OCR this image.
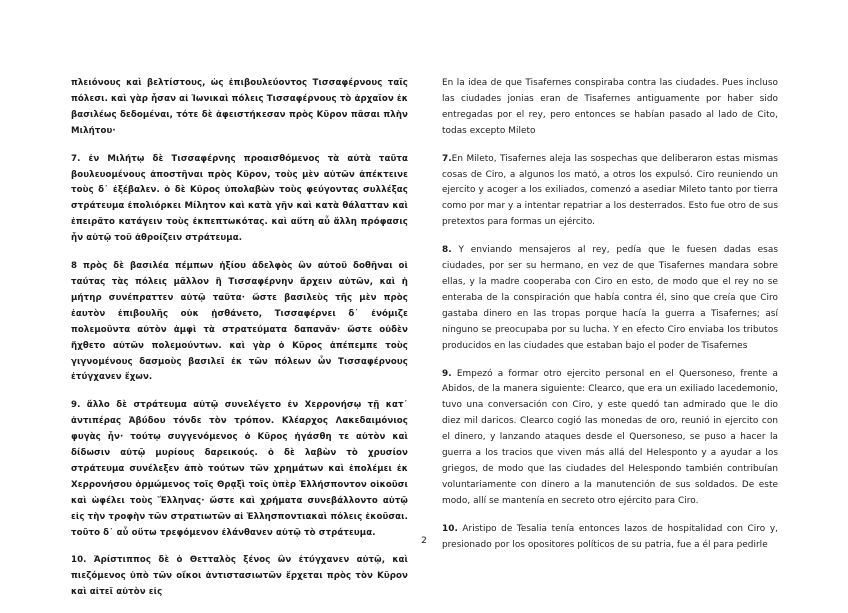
πλειόνους καὶ βελτίστους, ὡς ἐπιβουλεύοντος Τισσαφέρνους ταῖς πόλεσι. καὶ γὰρ ἦσαν αἱ Ἰωνικαὶ πόλεις Τισσαφέρνους τὸ ἀρχαῖον ἐκ βασιλέως δεδομέναι, τότε δὲ ἀφειστήκεσαν πρὸς Κῦρον πᾶσαι πλὴν Μιλήτου·

7. ἐν Μιλήτῳ δὲ Τισσαφέρνης προαισθόμενος τὰ αὐτὰ ταῦτα βουλευομένους ἀποστῆναι πρὸς Κῦρον, τοὺς μὲν αὐτῶν ἀπέκτεινε τοὺς δ᾽ ἐξέβαλεν. ὁ δὲ Κῦρος ὑπολαβὼν τοὺς φεύγοντας συλλέξας στράτευμα ἐπολιόρκει Μίλητον καὶ κατὰ γῆν καὶ κατὰ θάλατταν καὶ ἐπειρᾶτο κατάγειν τοὺς ἐκπεπτωκότας. καὶ αὕτη αὖ ἄλλη πρόφασις ἦν αὐτῷ τοῦ ἀθροίζειν στράτευμα.

8 πρὸς δὲ βασιλέα πέμπων ἠξίου ἀδελφὸς ὢν αὐτοῦ δοθῆναι οἱ ταύτας τὰς πόλεις μᾶλλον ἢ Τισσαφέρνην ἄρχειν αὐτῶν, καὶ ἡ μήτηρ συνέπραττεν αὐτῷ ταῦτα· ὥστε βασιλεὺς τῆς μὲν πρὸς ἑαυτὸν ἐπιβουλῆς οὐκ ᾐσθάνετο, Τισσαφέρνει δ᾽ ἐνόμιζε πολεμοῦντα αὐτὸν ἀμφὶ τὰ στρατεύματα δαπανᾶν· ὥστε οὐδὲν ἤχθετο αὐτῶν πολεμούντων. καὶ γὰρ ὁ Κῦρος ἀπέπεμπε τοὺς γιγνομένους δασμοὺς βασιλεῖ ἐκ τῶν πόλεων ὧν Τισσαφέρνους ἐτύγχανεν ἔχων.

9. ἄλλο δὲ στράτευμα αὐτῷ συνελέγετο ἐν Χερρονήσῳ τῇ κατ᾽ ἀντιπέρας Ἀβύδου τόνδε τὸν τρόπον. Κλέαρχος Λακεδαιμόνιος φυγὰς ἦν· τούτῳ συγγενόμενος ὁ Κῦρος ἠγάσθη τε αὐτὸν καὶ δίδωσιν αὐτῷ μυρίους δαρεικούς. ὁ δὲ λαβὼν τὸ χρυσίον στράτευμα συνέλεξεν ἀπὸ τούτων τῶν χρημάτων καὶ ἐπολέμει ἐκ Χερρονήσου ὁρμώμενος τοῖς Θρᾳξὶ τοῖς ὑπὲρ Ἑλλήσποντον οἰκοῦσι καὶ ὠφέλει τοὺς Ἕλληνας· ὥστε καὶ χρήματα συνεβάλλοντο αὐτῷ εἰς τὴν τροφὴν τῶν στρατιωτῶν αἱ Ἑλλησποντιακαὶ πόλεις ἑκοῦσαι. τοῦτο δ᾽ αὖ οὕτω τρεφόμενον ἐλάνθανεν αὐτῷ τὸ στράτευμα.

10. Ἀρίστιππος δὲ ὁ Θετταλὸς ξένος ὢν ἐτύγχανεν αὐτῷ, καὶ πιεζόμενος ὑπὸ τῶν οἴκοι ἀντιστασιωτῶν ἔρχεται πρὸς τὸν Κῦρον καὶ αἰτεῖ αὐτὸν εἰς

En la idea de que Tisafernes conspiraba contra las ciudades. Pues incluso las ciudades jonias eran de Tisafernes antiguamente por haber sido entregadas por el rey, pero entonces se habían pasado al lado de Cito, todas excepto Mileto

7.En Mileto, Tisafernes aleja las sospechas que deliberaron estas mismas cosas de Ciro, a algunos los mató, a otros los expulsó. Ciro reuniendo un ejercito y acoger a los exiliados, comenzó a asediar Mileto tanto por tierra como por mar y a intentar repatriar a los desterrados. Esto fue otro de sus pretextos para formas un ejército.

8. Y enviando mensajeros al rey, pedía que le fuesen dadas esas ciudades, por ser su hermano, en vez de que Tisafernes mandara sobre ellas, y la madre cooperaba con Ciro en esto, de modo que el rey no se enteraba de la conspiración que había contra él, sino que creía que Ciro gastaba dinero en las tropas porque hacía la guerra a Tisafernes; así ninguno se preocupaba por su lucha. Y en efecto Ciro enviaba los tributos producidos en las ciudades que estaban bajo el poder de Tisafernes

9. Empezó a formar otro ejercito personal en el Quersoneso, frente a Abidos, de la manera siguiente: Clearco, que era un exiliado lacedemonio, tuvo una conversación con Ciro, y este quedó tan admirado que le dio diez mil daricos. Clearco cogió las monedas de oro, reunió in ejercito con el dinero, y lanzando ataques desde el Quersoneso, se puso a hacer la guerra a los tracios que viven más allá del Helesponto y a ayudar a los griegos, de modo que las ciudades del Helespondo también contribuían voluntariamente con dinero a la manutención de sus soldados. De este modo, allí se mantenía en secreto otro ejército para Ciro.

10. Aristipo de Tesalia tenía entonces lazos de hospitalidad con Ciro y, presionado por los opositores políticos de su patria, fue a él para pedirle

2
